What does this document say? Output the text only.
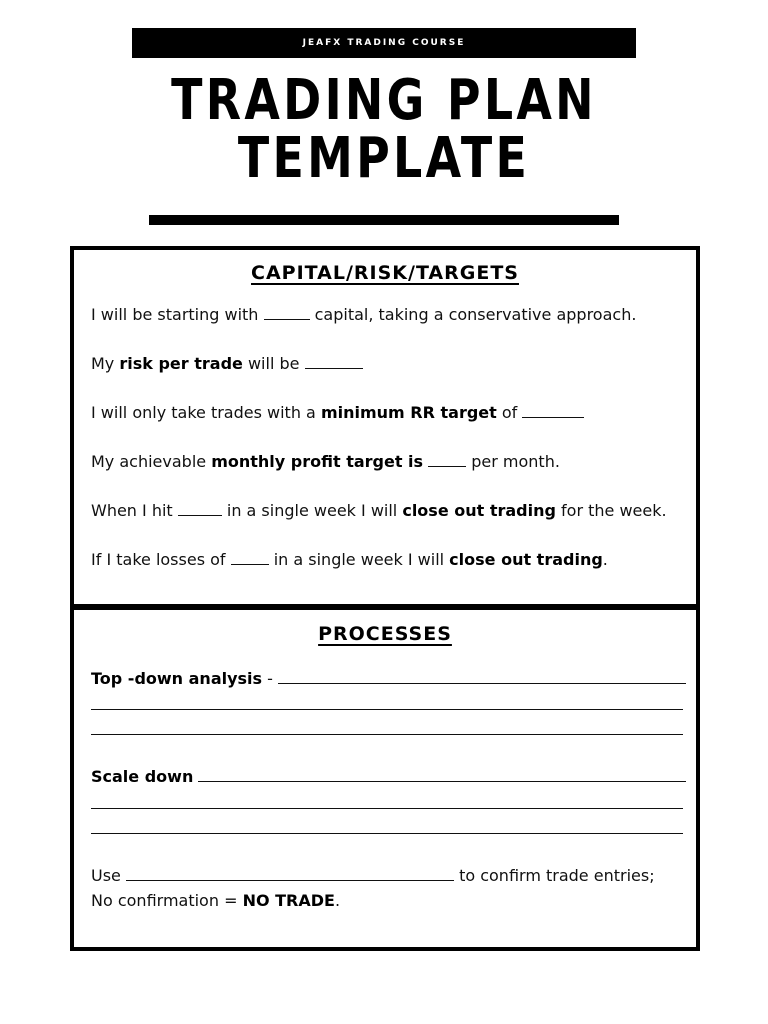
JEAFX TRADING COURSE
TRADING PLAN
TEMPLATE
CAPITAL/RISK/TARGETS
I will be starting with	capital, taking a conservative approach.
My risk per trade will be
I will only take trades with a minimum RR target of
My achievable monthly profit target is	per month.
When I hit	in a single week I will close out trading for the week.
If I take losses of  in a single week I will close out trading.
PROCESSES
Top -down analysis -
Scale down
Use	to confirm trade entries;
No confirmation = NO TRADE.
